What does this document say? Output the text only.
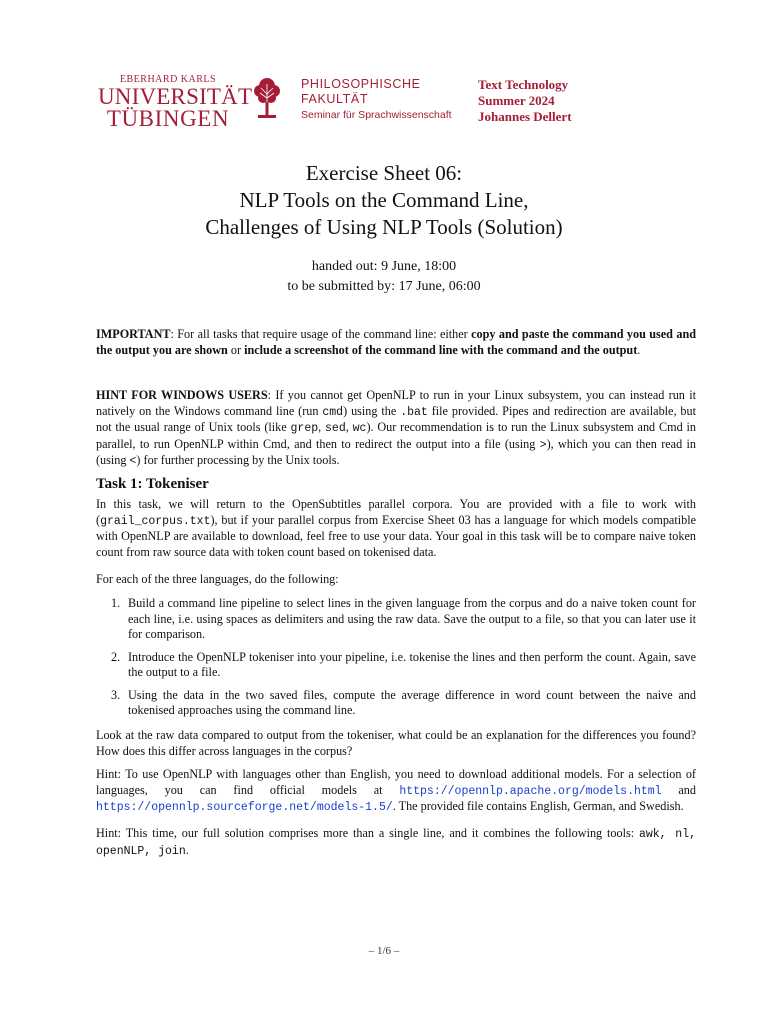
EBERHARD KARLS
UNIVERSITÄT
TÜBINGEN
PHILOSOPHISCHE
FAKULTÄT
Seminar für Sprachwissenschaft
Text Technology
Summer 2024
Johannes Dellert
Exercise Sheet 06:
NLP Tools on the Command Line,
Challenges of Using NLP Tools (Solution)
handed out: 9 June, 18:00
to be submitted by: 17 June, 06:00
IMPORTANT: For all tasks that require usage of the command line: either copy and paste the command you used and the output you are shown or include a screenshot of the command line with the command and the output.
HINT FOR WINDOWS USERS: If you cannot get OpenNLP to run in your Linux subsystem, you can instead run it natively on the Windows command line (run cmd) using the .bat file provided. Pipes and redirection are available, but not the usual range of Unix tools (like grep, sed, wc). Our recommendation is to run the Linux subsystem and Cmd in parallel, to run OpenNLP within Cmd, and then to redirect the output into a file (using >), which you can then read in (using <) for further processing by the Unix tools.
Task 1: Tokeniser
In this task, we will return to the OpenSubtitles parallel corpora. You are provided with a file to work with (grail_corpus.txt), but if your parallel corpus from Exercise Sheet 03 has a language for which models compatible with OpenNLP are available to download, feel free to use your data. Your goal in this task will be to compare naive token count from raw source data with token count based on tokenised data.
For each of the three languages, do the following:
1. Build a command line pipeline to select lines in the given language from the corpus and do a naive token count for each line, i.e. using spaces as delimiters and using the raw data. Save the output to a file, so that you can later use it for comparison.
2. Introduce the OpenNLP tokeniser into your pipeline, i.e. tokenise the lines and then perform the count. Again, save the output to a file.
3. Using the data in the two saved files, compute the average difference in word count between the naive and tokenised approaches using the command line.
Look at the raw data compared to output from the tokeniser, what could be an explanation for the differences you found? How does this differ across languages in the corpus?
Hint: To use OpenNLP with languages other than English, you need to download additional models. For a selection of languages, you can find official models at https://opennlp.apache.org/models.html and https://opennlp.sourceforge.net/models-1.5/. The provided file contains English, German, and Swedish.
Hint: This time, our full solution comprises more than a single line, and it combines the following tools: awk, nl, openNLP, join.
– 1/6 –
